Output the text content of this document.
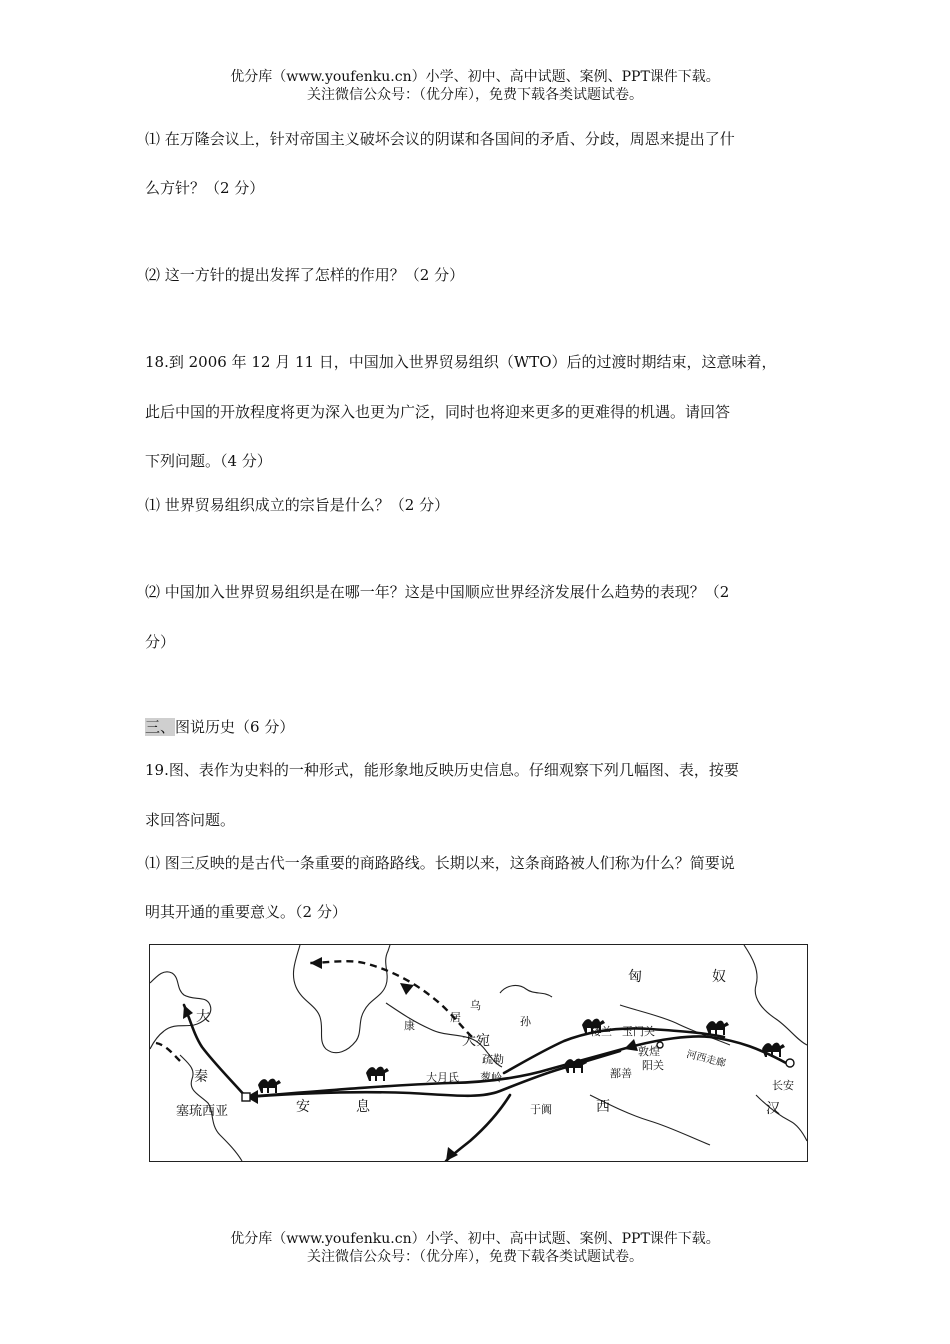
优分库（www.youfenku.cn）小学、初中、高中试题、案例、PPT课件下载。
关注微信公众号：（优分库），免费下载各类试题试卷。
⑴ 在万隆会议上，针对帝国主义破坏会议的阴谋和各国间的矛盾、分歧，周恩来提出了什
么方针？（2 分）
⑵ 这一方针的提出发挥了怎样的作用？（2 分）
18.到 2006 年 12 月 11 日，中国加入世界贸易组织（WTO）后的过渡时期结束，这意味着，
此后中国的开放程度将更为深入也更为广泛，同时也将迎来更多的更难得的机遇。请回答
下列问题。（4 分）
⑴ 世界贸易组织成立的宗旨是什么？（2 分）
⑵ 中国加入世界贸易组织是在哪一年？这是中国顺应世界经济发展什么趋势的表现？（2
分）
三、图说历史（6 分）
19.图、表作为史料的一种形式，能形象地反映历史信息。仔细观察下列几幅图、表，按要
求回答问题。
⑴ 图三反映的是古代一条重要的商路路线。长期以来，这条商路被人们称为什么？简要说
明其开通的重要意义。（2 分）
匈	奴
大
秦
康
居
乌
孙
大宛
疏勒
楼兰 玉门关
敦煌	河西走廊
阳关
鄯善
大月氏 葱岭
于阗	西
安	息
塞琉西亚
长安
汉
优分库（www.youfenku.cn）小学、初中、高中试题、案例、PPT课件下载。
关注微信公众号：（优分库），免费下载各类试题试卷。
